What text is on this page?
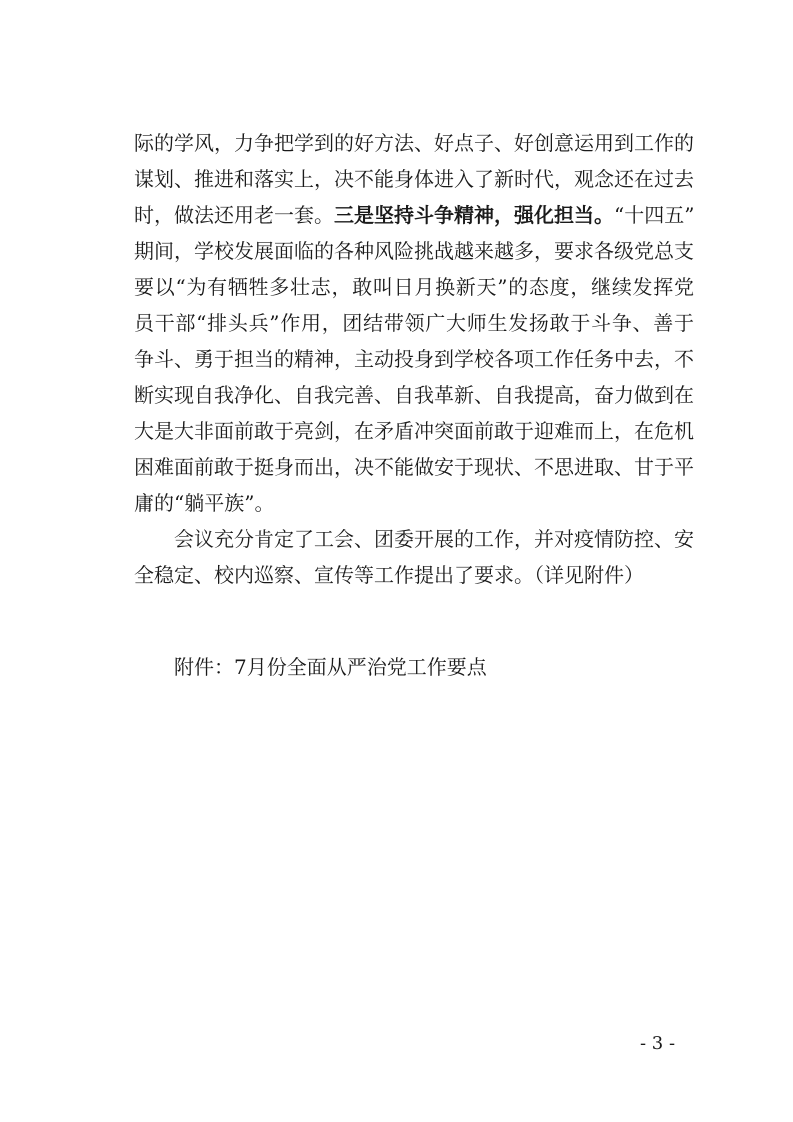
际的学风，力争把学到的好方法、好点子、好创意运用到工作的
谋划、推进和落实上，决不能身体进入了新时代，观念还在过去
时，做法还用老一套。三是坚持斗争精神，强化担当。“十四五”
期间，学校发展面临的各种风险挑战越来越多，要求各级党总支
要以“为有牺牲多壮志，敢叫日月换新天”的态度，继续发挥党
员干部“排头兵”作用，团结带领广大师生发扬敢于斗争、善于
争斗、勇于担当的精神，主动投身到学校各项工作任务中去，不
断实现自我净化、自我完善、自我革新、自我提高，奋力做到在
大是大非面前敢于亮剑，在矛盾冲突面前敢于迎难而上，在危机
困难面前敢于挺身而出，决不能做安于现状、不思进取、甘于平
庸的“躺平族”。
会议充分肯定了工会、团委开展的工作，并对疫情防控、安
全稳定、校内巡察、宣传等工作提出了要求。（详见附件）
附件：7月份全面从严治党工作要点
- 3 -
